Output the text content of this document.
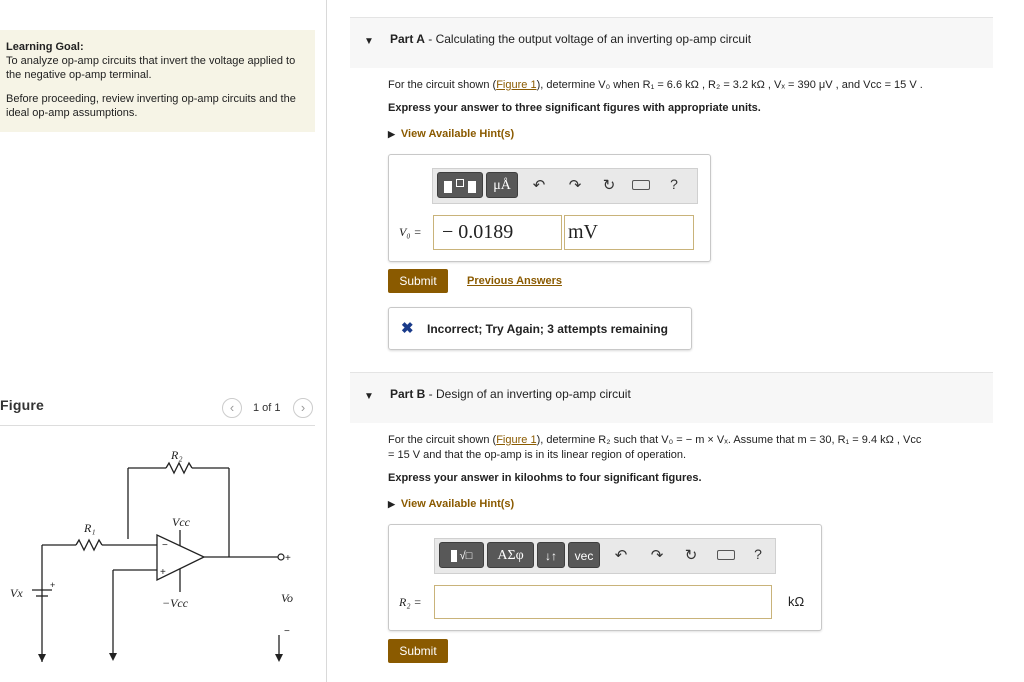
Learning Goal:

To analyze op-amp circuits that invert the voltage applied to the negative op-amp terminal.

Before proceeding, review inverting op-amp circuits and the ideal op-amp assumptions.

Figure	‹	1 of 1	›
−
+
R₂
R₁	Vcc
−Vcc
Vx	Vo
+
+
−
▼ Part A - Calculating the output voltage of an inverting op-amp circuit
For the circuit shown (Figure 1), determine V₀ when R₁ = 6.6 kΩ , R₂ = 3.2 kΩ , Vₓ = 390 μV , and Vcc = 15 V .
Express your answer to three significant figures with appropriate units.
▶ View Available Hint(s)

μÅ	↶ ↷ ↻	?
V₀ =	− 0.0189	mV
Submit	Previous Answers
✖ Incorrect; Try Again; 3 attempts remaining
▼ Part B - Design of an inverting op-amp circuit
For the circuit shown (Figure 1), determine R₂ such that V₀ = − m × Vₓ. Assume that m = 30, R₁ = 9.4 kΩ , Vcc
= 15 V and that the op-amp is in its linear region of operation.
Express your answer in kiloohms to four significant figures.
▶ View Available Hint(s)
√□	ΑΣφ	↓↑	vec	↶ ↷ ↻	?
R₂ =	kΩ
Submit
